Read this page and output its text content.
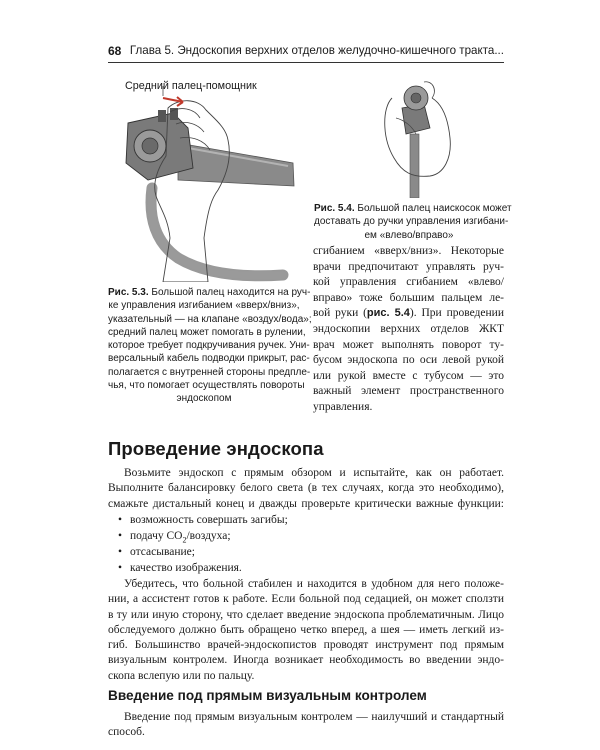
68 Глава 5. Эндоскопия верхних отделов желудочно-кишечного тракта...
Средний палец-помощник
Рис. 5.4. Большой палец наискосок может
доставать до ручки управления изгибани-
ем «влево/вправо»
Рис. 5.3. Большой палец находится на руч-
ке управления изгибанием «вверх/вниз»,
указательный — на клапане «воздух/вода»;
средний палец может помогать в рулении,
которое требует подкручивания ручек. Уни-
версальный кабель подводки прикрыт, рас-
полагается с внутренней стороны предпле-
чья, что помогает осуществлять повороты
эндоскопом
сгибанием «вверх/вниз». Некоторые
врачи предпочитают управлять руч-
кой управления сгибанием «влево/
вправо» тоже большим пальцем ле-
вой руки (рис. 5.4). При проведении
эндоскопии верхних отделов ЖКТ
врач может выполнять поворот ту-
бусом эндоскопа по оси левой рукой
или рукой вместе с тубусом — это
важный элемент пространственного
управления.
Проведение эндоскопа
Возьмите эндоскоп с прямым обзором и испытайте, как он работает.
Выполните балансировку белого света (в тех случаях, когда это необходимо),
смажьте дистальный конец и дважды проверьте критически важные функции:
• возможность совершать загибы;
• подачу $CO_2$/воздуха;
• отсасывание;
• качество изображения.
Убедитесь, что больной стабилен и находится в удобном для него положе-
нии, а ассистент готов к работе. Если больной под седацией, он может сползти
в ту или иную сторону, что сделает введение эндоскопа проблематичным. Лицо
обследуемого должно быть обращено четко вперед, а шея — иметь легкий из-
гиб. Большинство врачей-эндоскопистов проводят инструмент под прямым
визуальным контролем. Иногда возникает необходимость во введении эндо-
скопа вслепую или по пальцу.
Введение под прямым визуальным контролем
Введение под прямым визуальным контролем — наилучший и стандартный
способ.
